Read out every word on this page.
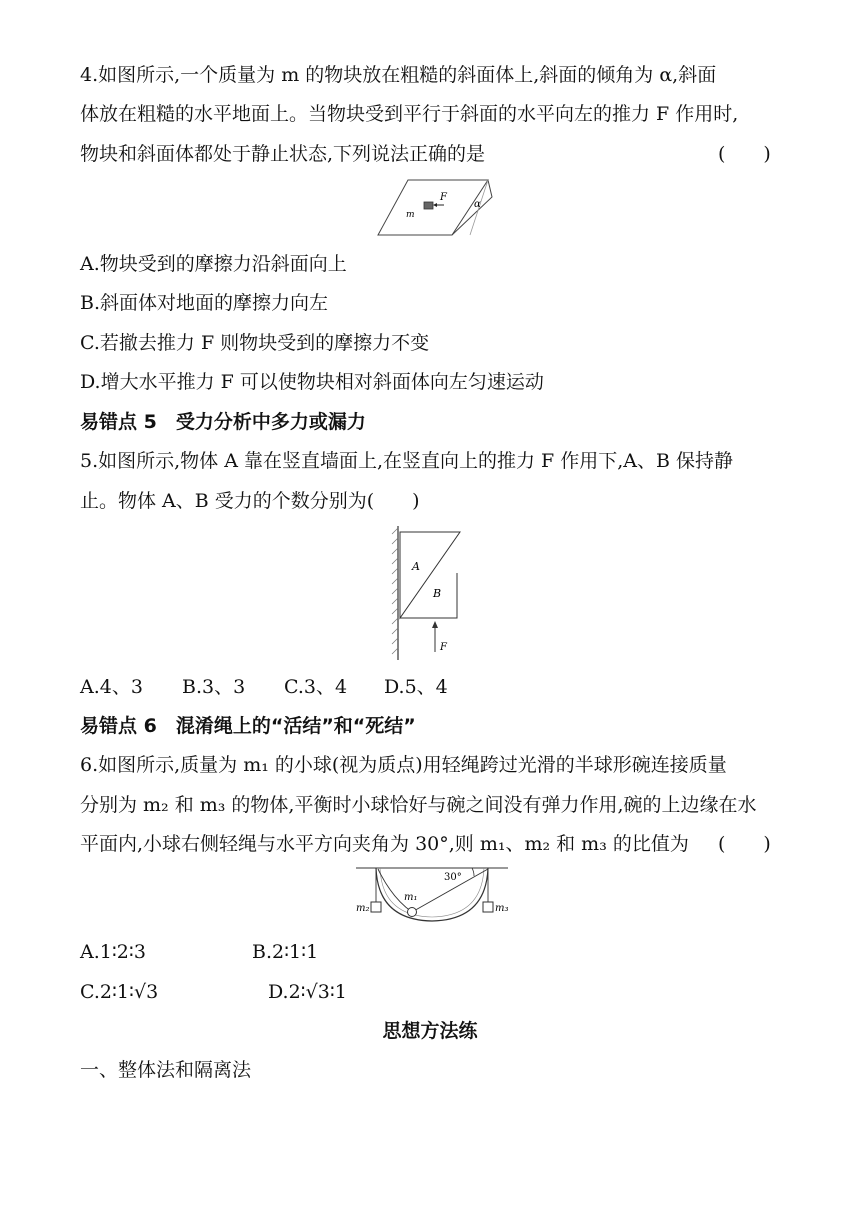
4.如图所示,一个质量为 m 的物块放在粗糙的斜面体上,斜面的倾角为 α,斜面
体放在粗糙的水平地面上。当物块受到平行于斜面的水平向左的推力 F 作用时,
物块和斜面体都处于静止状态,下列说法正确的是	(　　)
F
m
α
A.物块受到的摩擦力沿斜面向上
B.斜面体对地面的摩擦力向左
C.若撤去推力 F 则物块受到的摩擦力不变
D.增大水平推力 F 可以使物块相对斜面体向左匀速运动
易错点 5　受力分析中多力或漏力
5.如图所示,物体 A 靠在竖直墙面上,在竖直向上的推力 F 作用下,A、B 保持静
止。物体 A、B 受力的个数分别为(　　)
A
B
F
A.4、3 B.3、3 C.3、4 D.5、4
易错点 6　混淆绳上的“活结”和“死结”
6.如图所示,质量为 m₁ 的小球(视为质点)用轻绳跨过光滑的半球形碗连接质量
分别为 m₂ 和 m₃ 的物体,平衡时小球恰好与碗之间没有弹力作用,碗的上边缘在水
平面内,小球右侧轻绳与水平方向夹角为 30°,则 m₁、m₂ 和 m₃ 的比值为 (　　)
30°
m₁
m₂	m₃
A.1∶2∶3	B.2∶1∶1
C.2∶1∶√3	D.2∶√3∶1
思想方法练
一、整体法和隔离法
